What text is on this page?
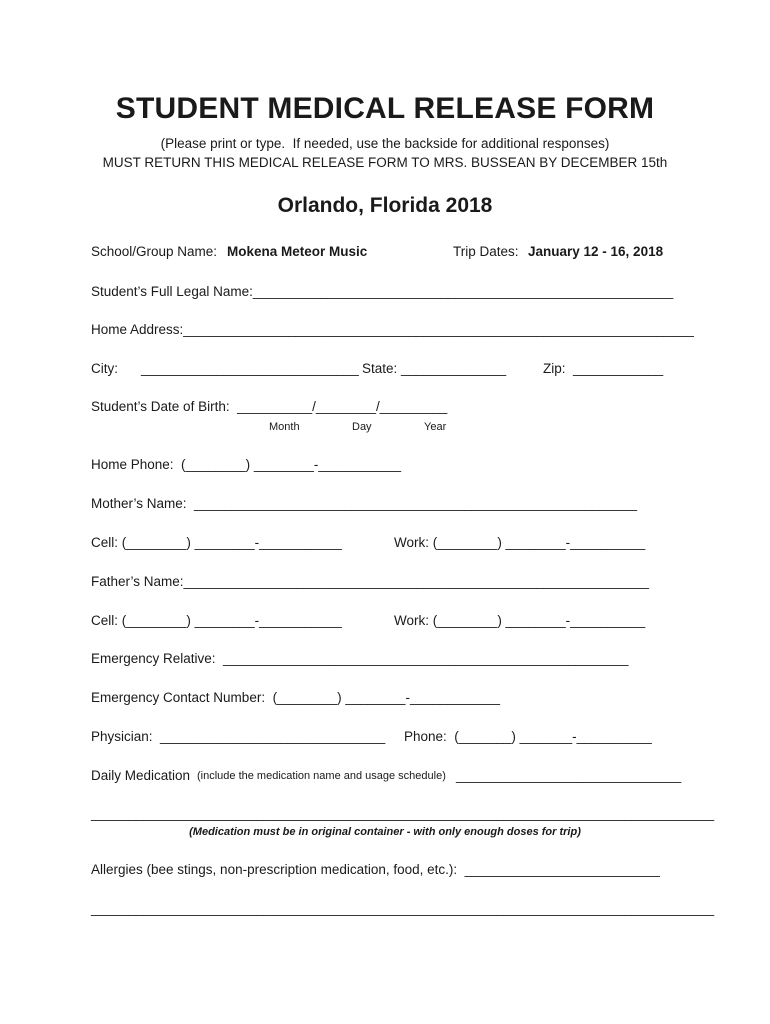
STUDENT MEDICAL RELEASE FORM
(Please print or type.  If needed, use the backside for additional responses)
MUST RETURN THIS MEDICAL RELEASE FORM TO MRS. BUSSEAN BY DECEMBER 15th
Orlando, Florida 2018
School/Group Name: Mokena Meteor Music	Trip Dates: January 12 - 16, 2018
Student’s Full Legal Name:________________________________________________________
Home Address:____________________________________________________________________
City: _____________________________ State: ______________	Zip:  ____________
Student’s Date of Birth:  __________/________/_________
Month	Day	Year
Home Phone:  (________) ________-___________
Mother’s Name:  ___________________________________________________________
Cell: (________) ________-___________	Work: (________) ________-__________
Father’s Name:______________________________________________________________
Cell: (________) ________-___________	Work: (________) ________-__________
Emergency Relative:  ______________________________________________________
Emergency Contact Number:  (________) ________-____________
Physician:  ______________________________ Phone:  (_______) _______-__________
Daily Medication (include the medication name and usage schedule) ______________________________
___________________________________________________________________________________
(Medication must be in original container - with only enough doses for trip)
Allergies (bee stings, non-prescription medication, food, etc.):  __________________________
___________________________________________________________________________________
